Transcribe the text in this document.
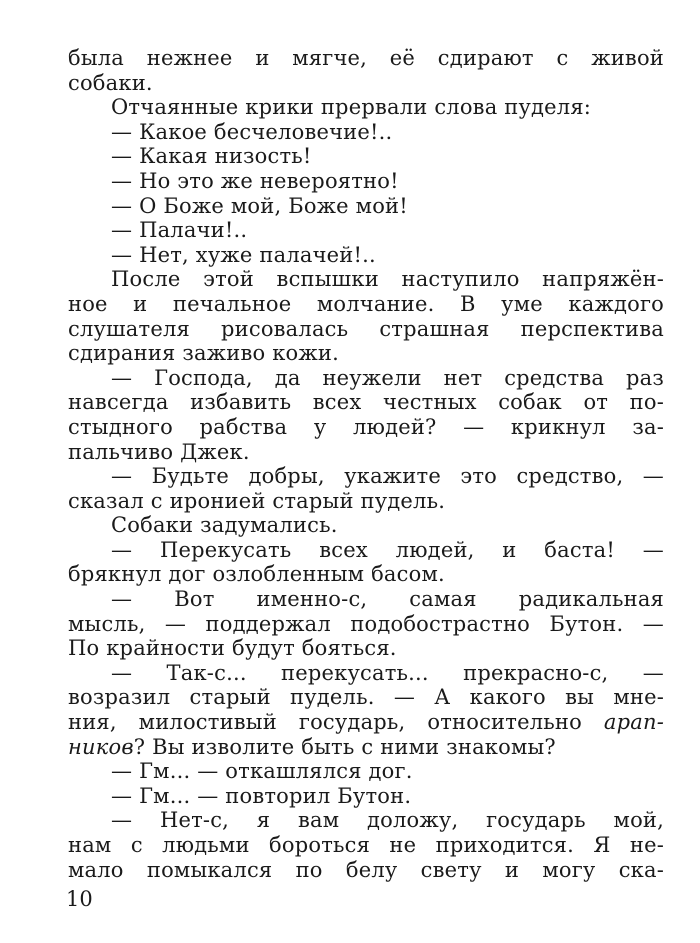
была нежнее и мягче, её сдирают с живой
собаки.
Отчаянные крики прервали слова пуделя:
— Какое бесчеловечие!..
— Какая низость!
— Но это же невероятно!
— О Боже мой, Боже мой!
— Палачи!..
— Нет, хуже палачей!..
После этой вспышки наступило напряжён-
ное и печальное молчание. В уме каждого
слушателя рисовалась страшная перспектива
сдирания заживо кожи.
— Господа, да неужели нет средства раз
навсегда избавить всех честных собак от по-
стыдного рабства у людей? — крикнул за-
пальчиво Джек.
— Будьте добры, укажите это средство, —
сказал с иронией старый пудель.
Собаки задумались.
— Перекусать всех людей, и баста! —
брякнул дог озлобленным басом.
— Вот именно-с, самая радикальная
мысль, — поддержал подобострастно Бутон. —
По крайности будут бояться.
— Так-с... перекусать... прекрасно-с, —
возразил старый пудель. — А какого вы мне-
ния, милостивый государь, относительно арап-
ников? Вы изволите быть с ними знакомы?
— Гм... — откашлялся дог.
— Гм... — повторил Бутон.
— Нет-с, я вам доложу, государь мой,
нам с людьми бороться не приходится. Я не-
мало помыкался по белу свету и могу ска-
10
